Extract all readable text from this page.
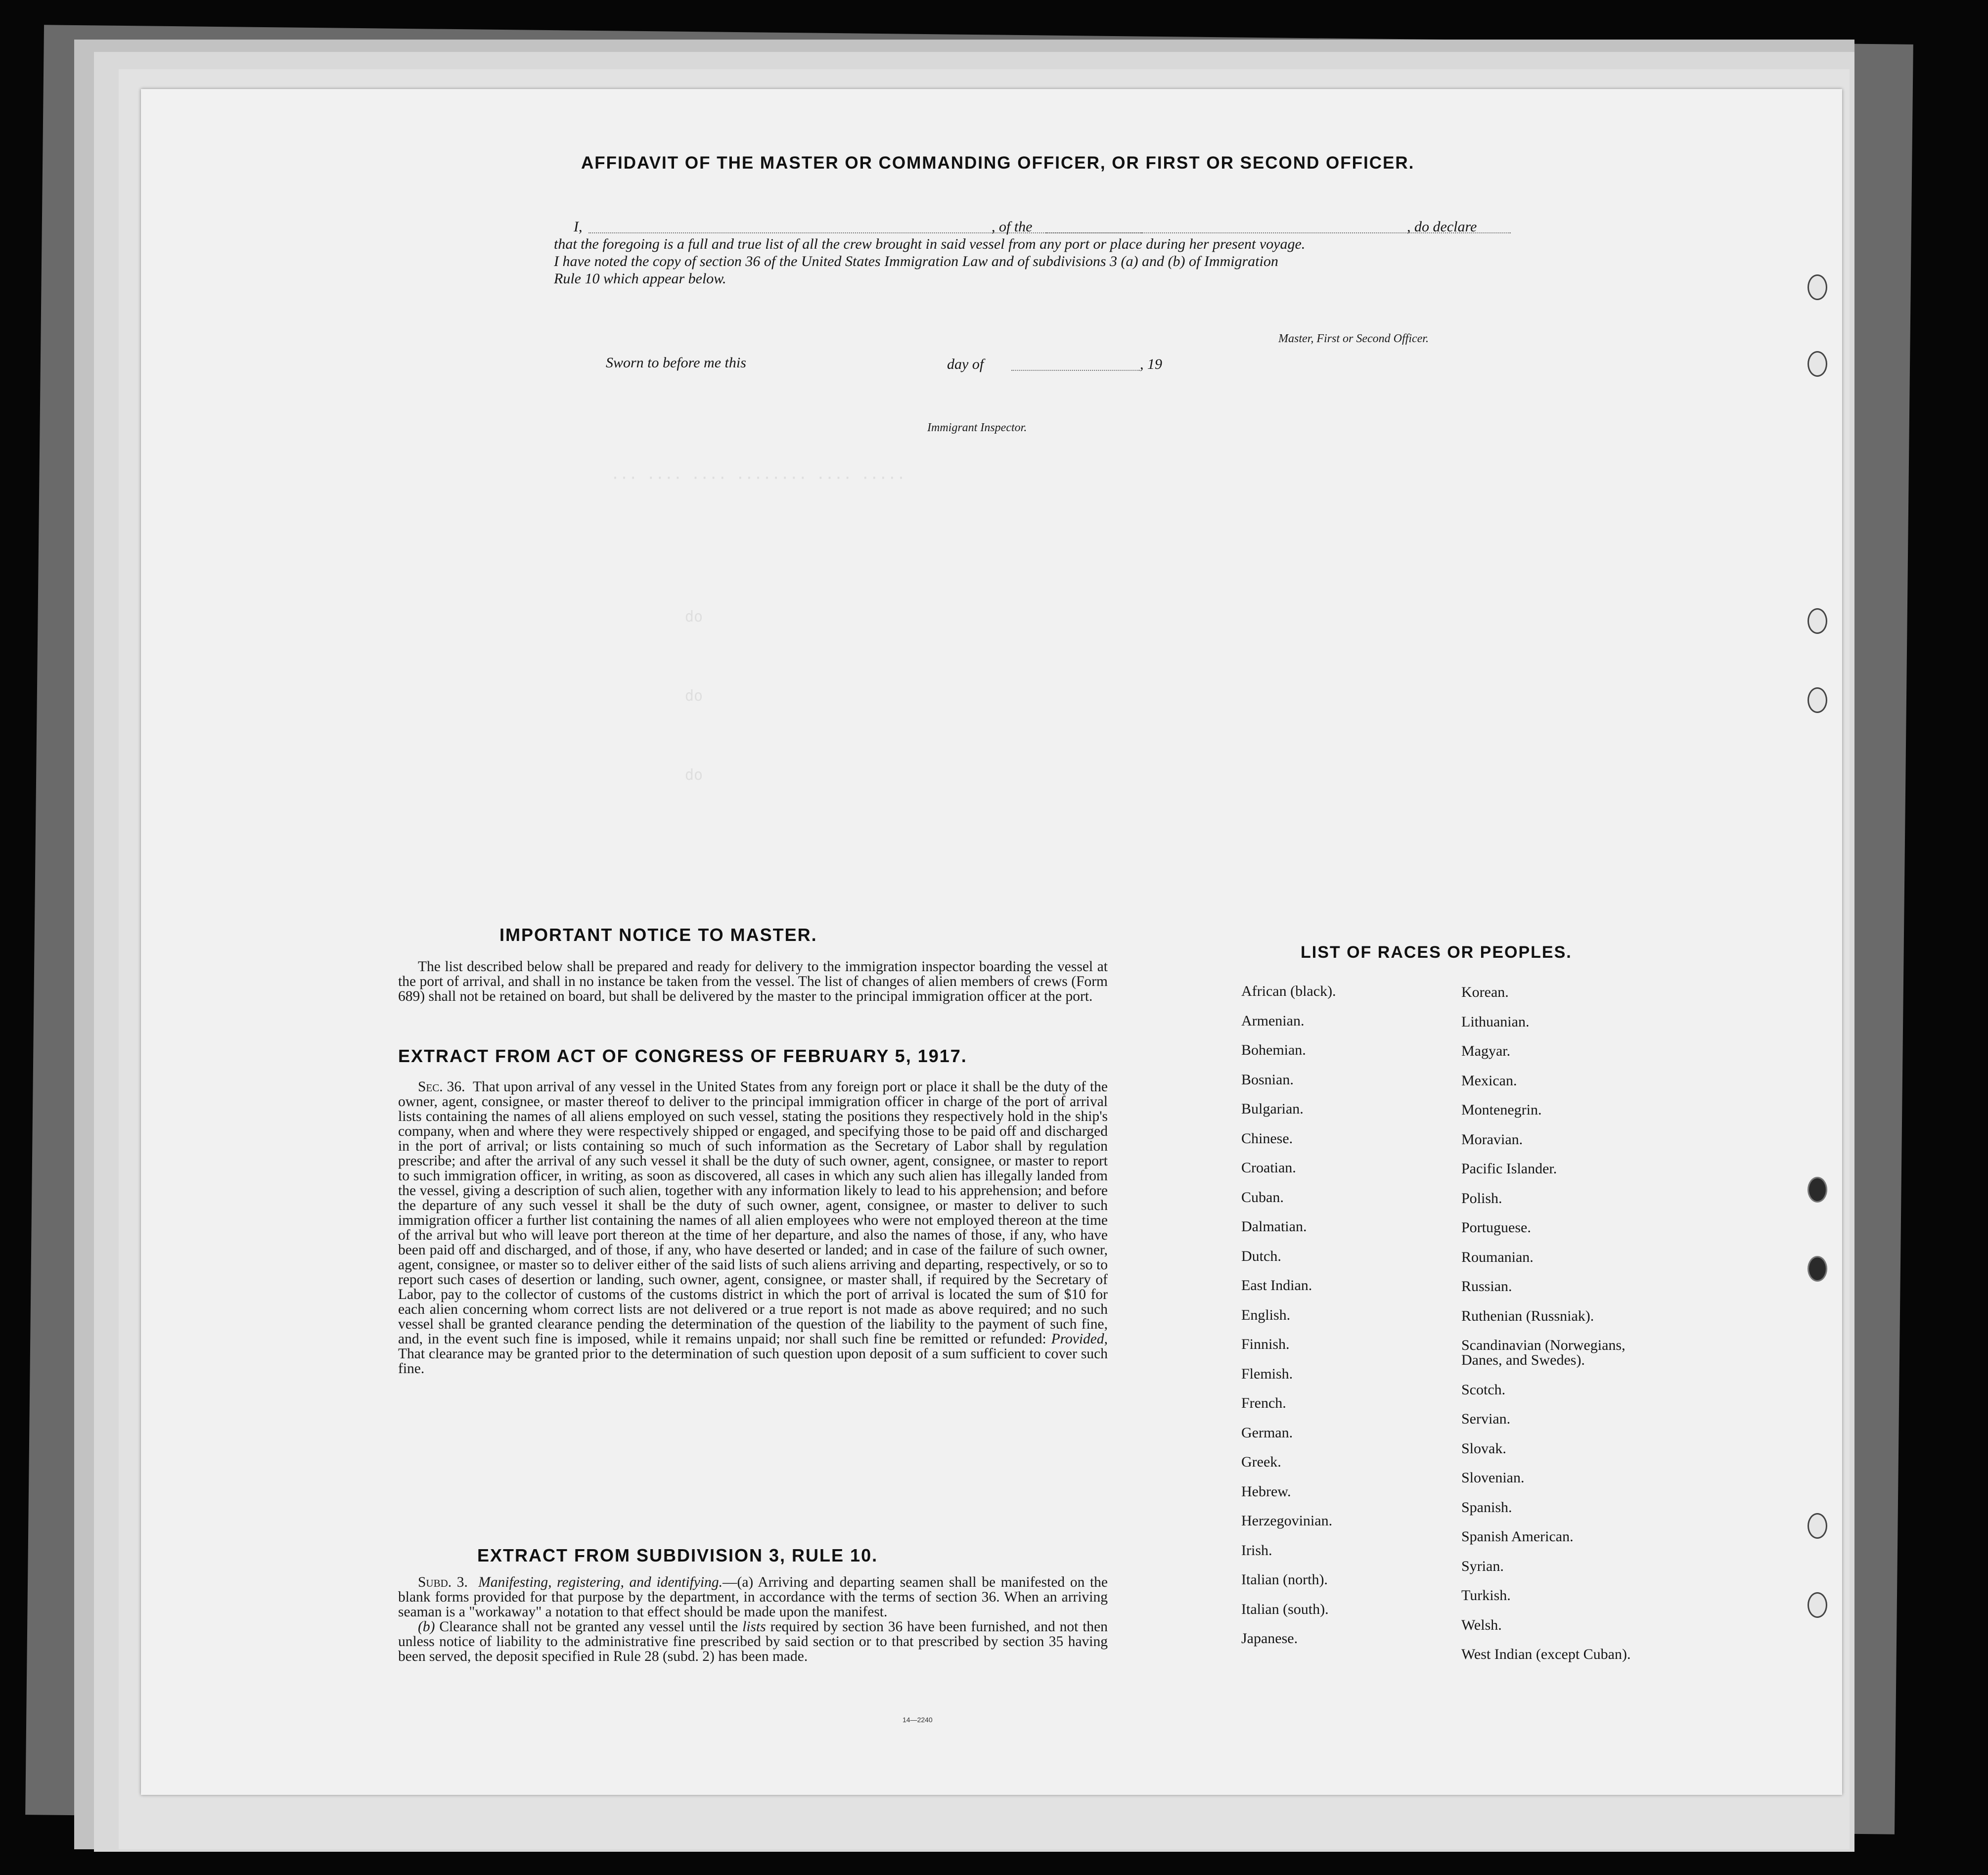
··· ···· ···· ········ ···· ·····
do
do
do
AFFIDAVIT OF THE MASTER OR COMMANDING OFFICER, OR FIRST OR SECOND OFFICER.
I,	, of the	, do declare
that the foregoing is a full and true list of all the crew brought in said vessel from any port or place during her present voyage.
I have noted the copy of section 36 of the United States Immigration Law and of subdivisions 3 (a) and (b) of Immigration
Rule 10 which appear below.
Master, First or Second Officer.
Sworn to before me this	day of	, 19
Immigrant Inspector.
IMPORTANT NOTICE TO MASTER.

The list described below shall be prepared and ready for delivery to the immigration inspector boarding the vessel at the port of arrival, and shall in no instance be taken from the vessel. The list of changes of alien members of crews (Form 689) shall not be retained on board, but shall be delivered by the master to the principal immigration officer at the port.

EXTRACT FROM ACT OF CONGRESS OF FEBRUARY 5, 1917.

Sec. 36. That upon arrival of any vessel in the United States from any foreign port or place it shall be the duty of the owner, agent, consignee, or master thereof to deliver to the principal immigration officer in charge of the port of arrival lists containing the names of all aliens employed on such vessel, stating the positions they respectively hold in the ship's company, when and where they were respectively shipped or engaged, and specifying those to be paid off and discharged in the port of arrival; or lists containing so much of such information as the Secretary of Labor shall by regulation prescribe; and after the arrival of any such vessel it shall be the duty of such owner, agent, consignee, or master to report to such immigration officer, in writing, as soon as discovered, all cases in which any such alien has illegally landed from the vessel, giving a description of such alien, together with any information likely to lead to his apprehension; and before the departure of any such vessel it shall be the duty of such owner, agent, consignee, or master to deliver to such immigration officer a further list containing the names of all alien employees who were not employed thereon at the time of the arrival but who will leave port thereon at the time of her departure, and also the names of those, if any, who have been paid off and discharged, and of those, if any, who have deserted or landed; and in case of the failure of such owner, agent, consignee, or master so to deliver either of the said lists of such aliens arriving and departing, respectively, or so to report such cases of desertion or landing, such owner, agent, consignee, or master shall, if required by the Secretary of Labor, pay to the collector of customs of the customs district in which the port of arrival is located the sum of $10 for each alien concerning whom correct lists are not delivered or a true report is not made as above required; and no such vessel shall be granted clearance pending the determination of the question of the liability to the payment of such fine, and, in the event such fine is imposed, while it remains unpaid; nor shall such fine be remitted or refunded: Provided, That clearance may be granted prior to the determination of such question upon deposit of a sum sufficient to cover such fine.

EXTRACT FROM SUBDIVISION 3, RULE 10.

Subd. 3. Manifesting, registering, and identifying.—(a) Arriving and departing seamen shall be manifested on the blank forms provided for that purpose by the department, in accordance with the terms of section 36. When an arriving seaman is a "workaway" a notation to that effect should be made upon the manifest.

(b) Clearance shall not be granted any vessel until the lists required by section 36 have been furnished, and not then unless notice of liability to the administrative fine prescribed by said section or to that prescribed by section 35 having been served, the deposit specified in Rule 28 (subd. 2) has been made.

14—2240
LIST OF RACES OR PEOPLES.
African (black).
Armenian.
Bohemian.
Bosnian.
Bulgarian.
Chinese.
Croatian.
Cuban.
Dalmatian.
Dutch.
East Indian.
English.
Finnish.
Flemish.
French.
German.
Greek.
Hebrew.
Herzegovinian.
Irish.
Italian (north).
Italian (south).
Japanese.
Korean.
Lithuanian.
Magyar.
Mexican.
Montenegrin.
Moravian.
Pacific Islander.
Polish.
Portuguese.
Roumanian.
Russian.
Ruthenian (Russniak).
Scandinavian (Norwegians,
Danes, and Swedes).
Scotch.
Servian.
Slovak.
Slovenian.
Spanish.
Spanish American.
Syrian.
Turkish.
Welsh.
West Indian (except Cuban).
